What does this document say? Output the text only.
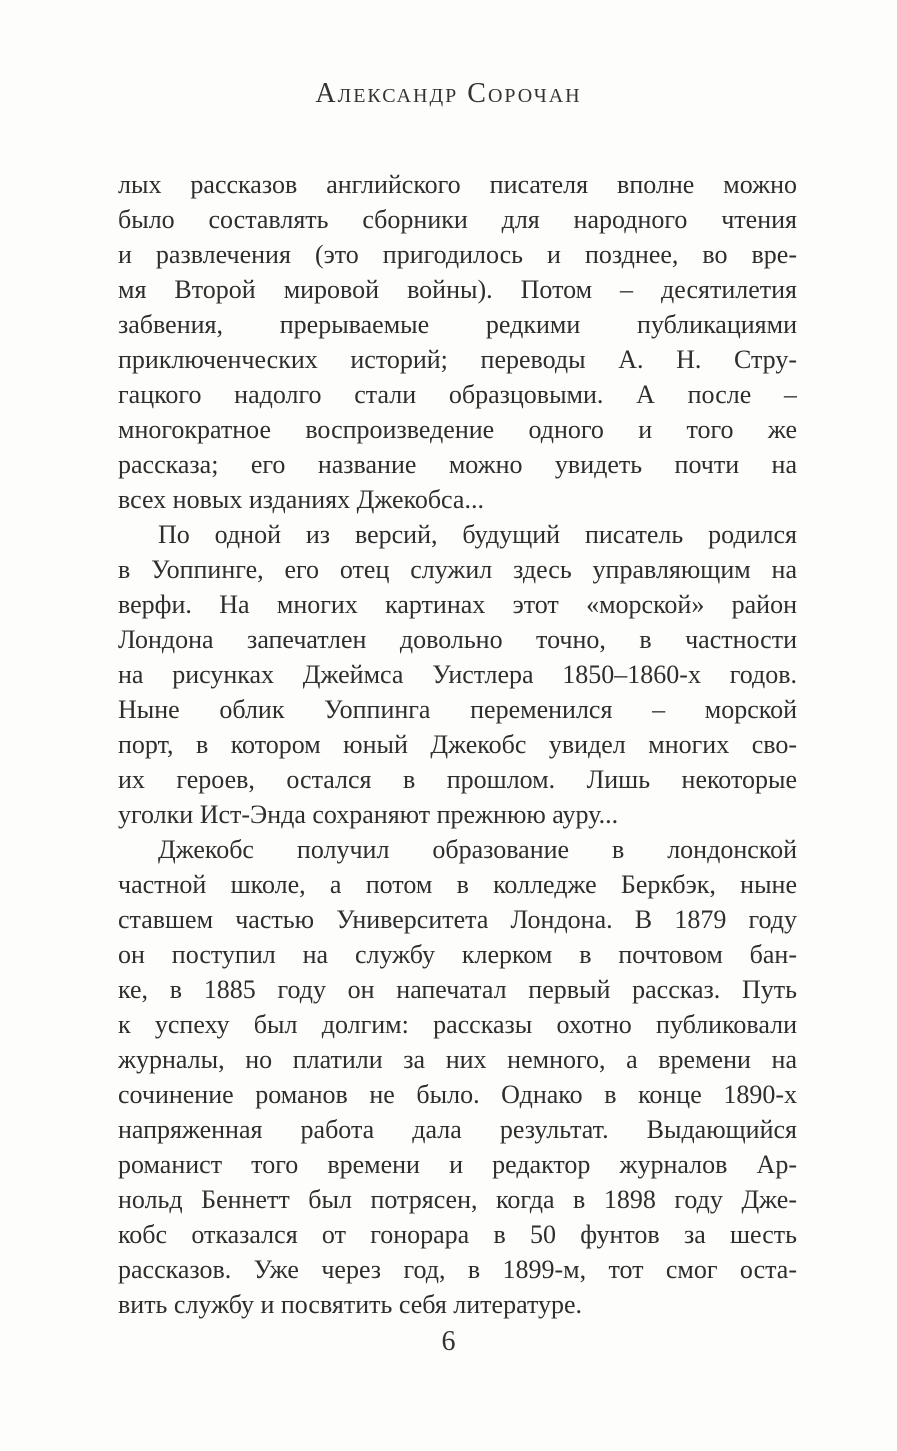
Александр Сорочан
лых рассказов английского писателя вполне можно
было составлять сборники для народного чтения
и развлечения (это пригодилось и позднее, во вре-
мя Второй мировой войны). Потом – десятилетия
забвения, прерываемые редкими публикациями
приключенческих историй; переводы А. Н. Стру-
гацкого надолго стали образцовыми. А после –
многократное воспроизведение одного и того же
рассказа; его название можно увидеть почти на
всех новых изданиях Джекобса...
По одной из версий, будущий писатель родился
в Уоппинге, его отец служил здесь управляющим на
верфи. На многих картинах этот «морской» район
Лондона запечатлен довольно точно, в частности
на рисунках Джеймса Уистлера 1850–1860-х годов.
Ныне облик Уоппинга переменился – морской
порт, в котором юный Джекобс увидел многих сво-
их героев, остался в прошлом. Лишь некоторые
уголки Ист-Энда сохраняют прежнюю ауру...
Джекобс получил образование в лондонской
частной школе, а потом в колледже Беркбэк, ныне
ставшем частью Университета Лондона. В 1879 году
он поступил на службу клерком в почтовом бан-
ке, в 1885 году он напечатал первый рассказ. Путь
к успеху был долгим: рассказы охотно публиковали
журналы, но платили за них немного, а времени на
сочинение романов не было. Однако в конце 1890-х
напряженная работа дала результат. Выдающийся
романист того времени и редактор журналов Ар-
нольд Беннетт был потрясен, когда в 1898 году Дже-
кобс отказался от гонорара в 50 фунтов за шесть
рассказов. Уже через год, в 1899-м, тот смог оста-
вить службу и посвятить себя литературе.
6
